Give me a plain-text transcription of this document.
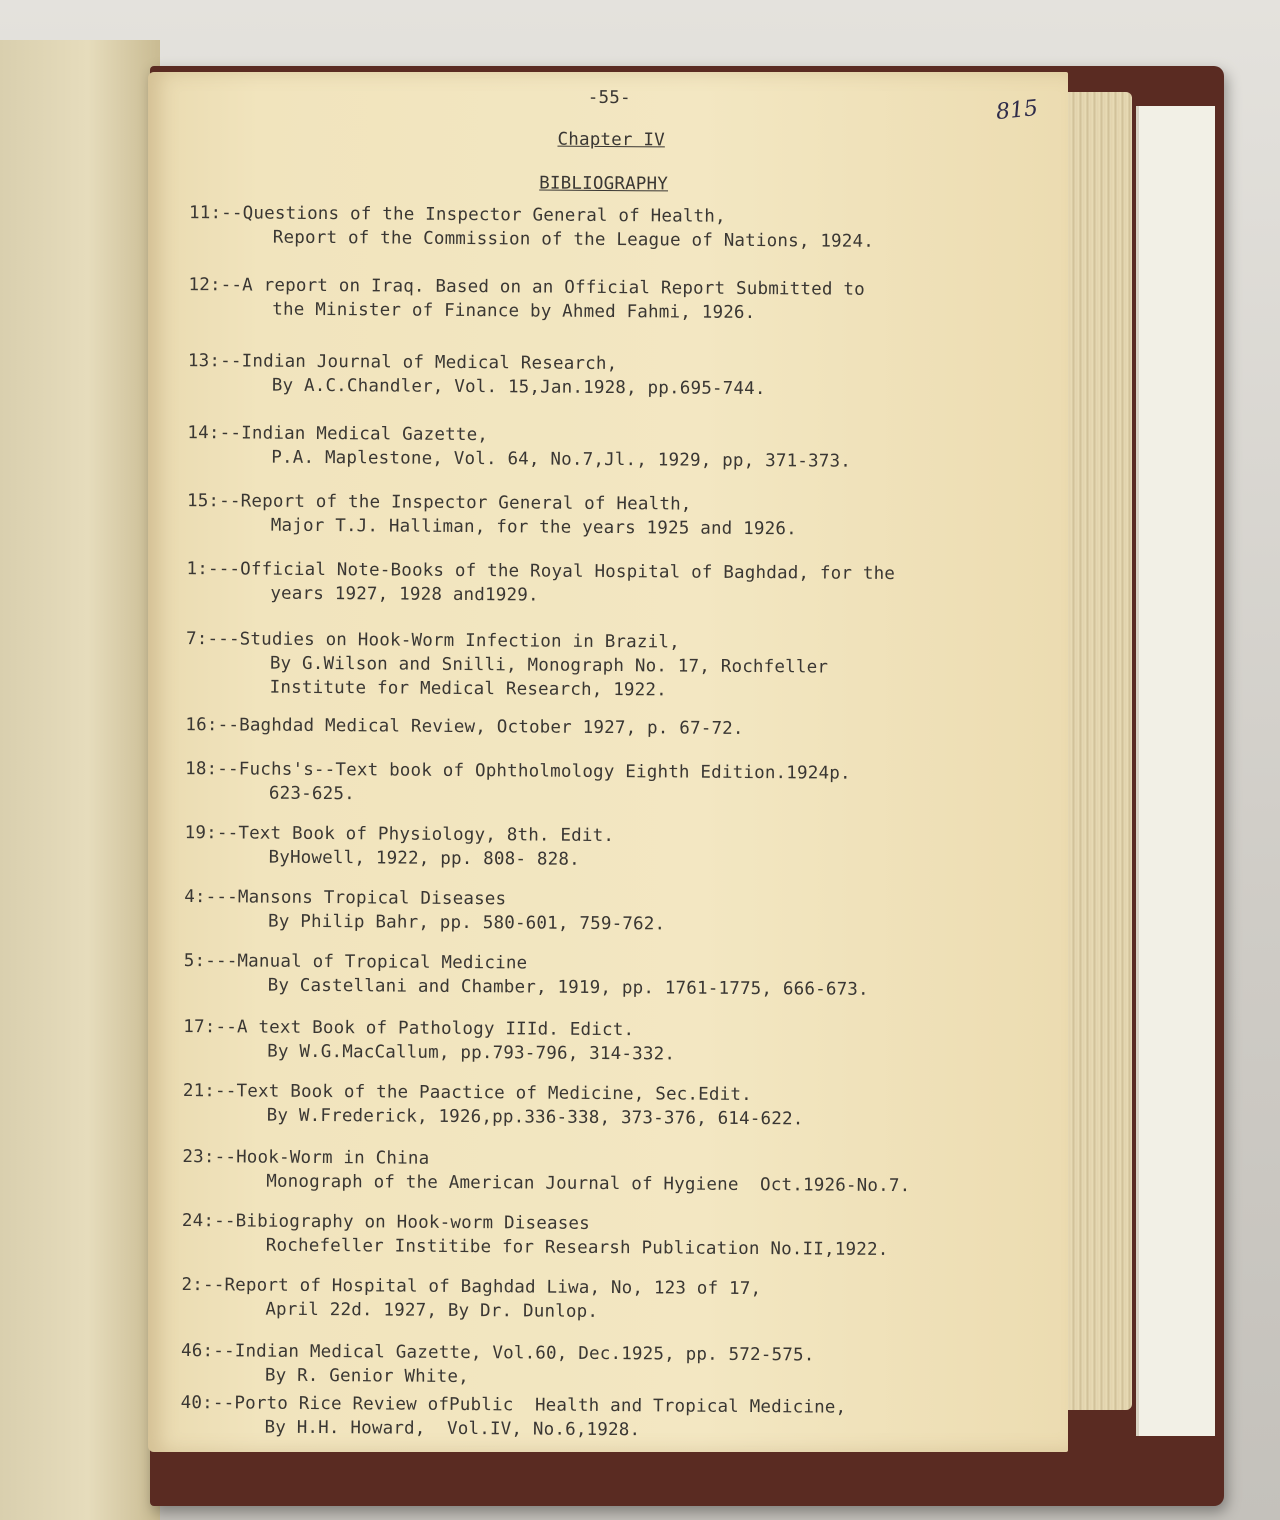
815
-55-
Chapter IV
BIBLIOGRAPHY
11:--Questions of the Inspector General of Health,
Report of the Commission of the League of Nations, 1924.
12:--A report on Iraq. Based on an Official Report Submitted to
the Minister of Finance by Ahmed Fahmi, 1926.
13:--Indian Journal of Medical Research,
By A.C.Chandler, Vol. 15,Jan.1928, pp.695-744.
14:--Indian Medical Gazette,
P.A. Maplestone, Vol. 64, No.7,Jl., 1929, pp, 371-373.
15:--Report of the Inspector General of Health,
Major T.J. Halliman, for the years 1925 and 1926.
1:---Official Note-Books of the Royal Hospital of Baghdad, for the
years 1927, 1928 and1929.
7:---Studies on Hook-Worm Infection in Brazil,
By G.Wilson and Snilli, Monograph No. 17, Rochfeller
Institute for Medical Research, 1922.
16:--Baghdad Medical Review, October 1927, p. 67-72.
18:--Fuchs's--Text book of Ophtholmology Eighth Edition.1924p.
623-625.
19:--Text Book of Physiology, 8th. Edit.
ByHowell, 1922, pp. 808- 828.
4:---Mansons Tropical Diseases
By Philip Bahr, pp. 580-601, 759-762.
5:---Manual of Tropical Medicine
By Castellani and Chamber, 1919, pp. 1761-1775, 666-673.
17:--A text Book of Pathology IIId. Edict.
By W.G.MacCallum, pp.793-796, 314-332.
21:--Text Book of the Paactice of Medicine, Sec.Edit.
By W.Frederick, 1926,pp.336-338, 373-376, 614-622.
23:--Hook-Worm in China
Monograph of the American Journal of Hygiene  Oct.1926-No.7.
24:--Bibiography on Hook-worm Diseases
Rochefeller Institibe for Researsh Publication No.II,1922.
2:--Report of Hospital of Baghdad Liwa, No, 123 of 17,
April 22d. 1927, By Dr. Dunlop.
46:--Indian Medical Gazette, Vol.60, Dec.1925, pp. 572-575.
By R. Genior White,
40:--Porto Rice Review ofPublic  Health and Tropical Medicine,
By H.H. Howard,  Vol.IV, No.6,1928.
